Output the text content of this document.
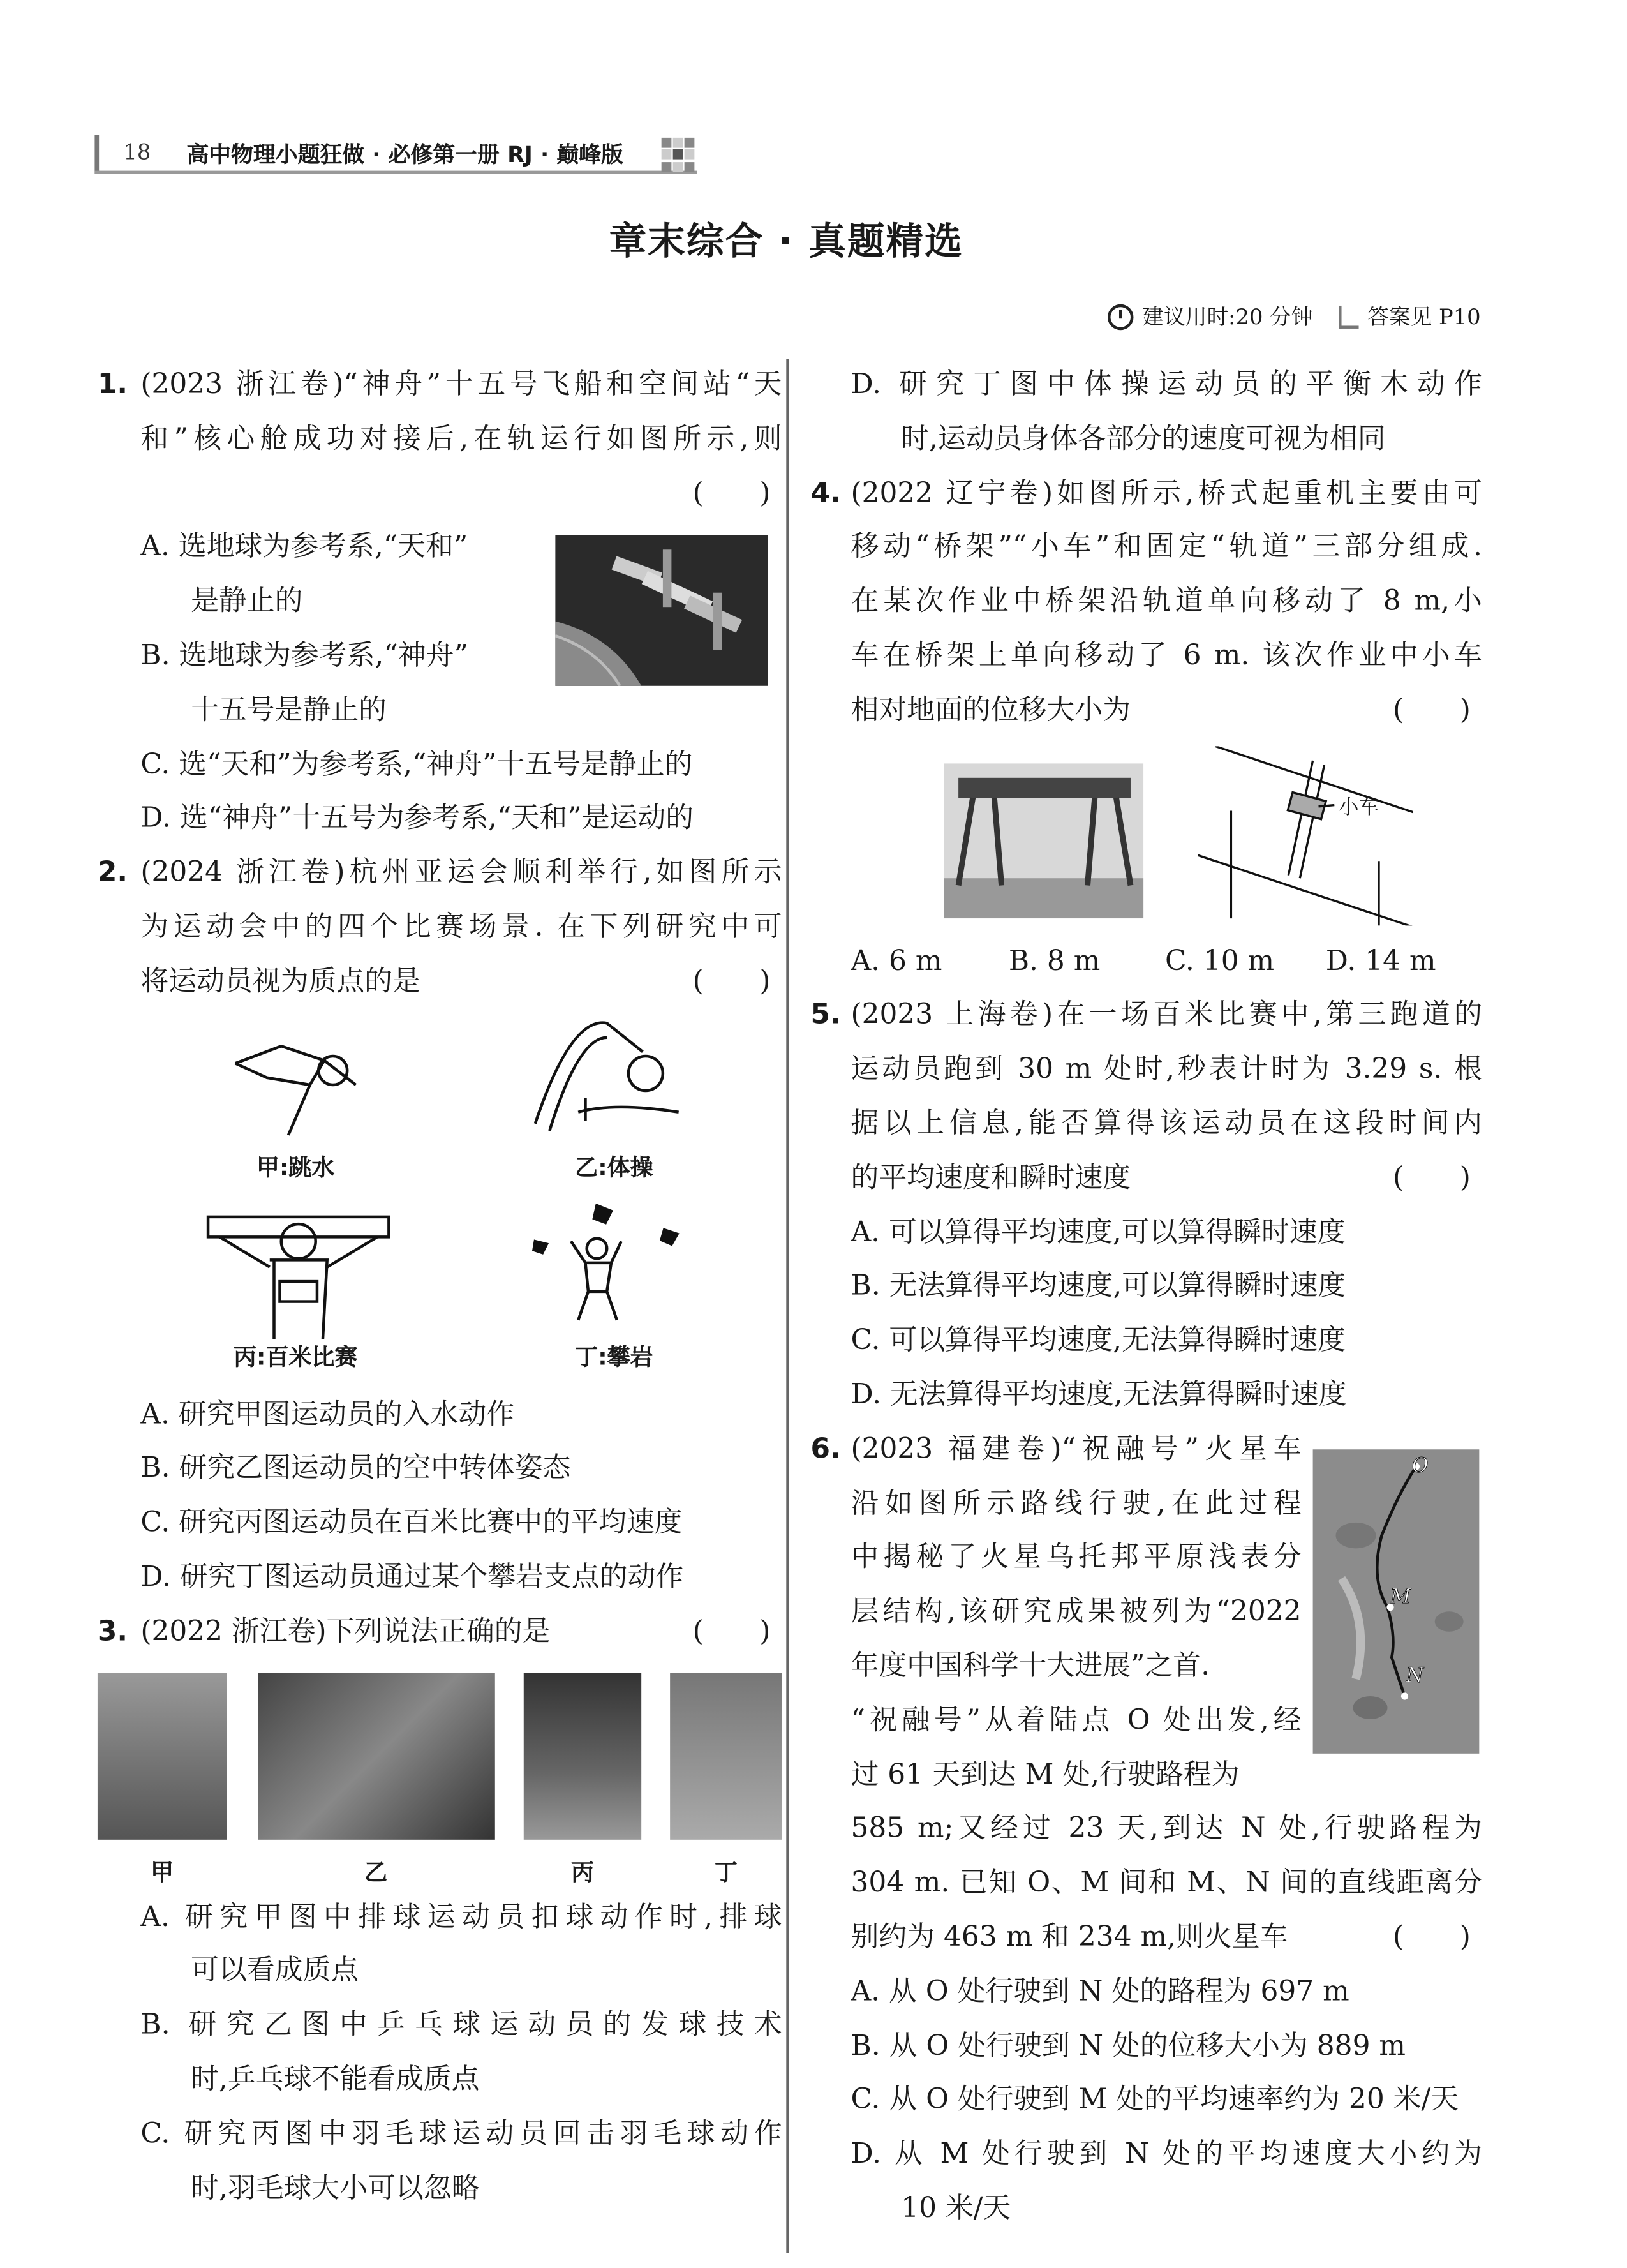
18	高中物理小题狂做 · 必修第一册 RJ · 巅峰版
章末综合 · 真题精选
建议用时:20 分钟	答案见 P10
1. (2023 浙江卷)“神舟”十五号飞船和空间站“天
和”核心舱成功对接后,在轨运行如图所示,则
(　　)
A. 选地球为参考系,“天和”
是静止的
B. 选地球为参考系,“神舟”
十五号是静止的
C. 选“天和”为参考系,“神舟”十五号是静止的
D. 选“神舟”十五号为参考系,“天和”是运动的
2. (2024 浙江卷)杭州亚运会顺利举行,如图所示
为运动会中的四个比赛场景. 在下列研究中可
将运动员视为质点的是	(　　)
甲:跳水	乙:体操
丙:百米比赛	丁:攀岩
A. 研究甲图运动员的入水动作
B. 研究乙图运动员的空中转体姿态
C. 研究丙图运动员在百米比赛中的平均速度
D. 研究丁图运动员通过某个攀岩支点的动作
3. (2022 浙江卷)下列说法正确的是	(　　)
甲	乙	丙	丁
A. 研究甲图中排球运动员扣球动作时,排球
可以看成质点
B. 研究乙图中乒乓球运动员的发球技术
时,乒乓球不能看成质点
C. 研究丙图中羽毛球运动员回击羽毛球动作
时,羽毛球大小可以忽略
D. 研究丁图中体操运动员的平衡木动作
时,运动员身体各部分的速度可视为相同
4. (2022 辽宁卷)如图所示,桥式起重机主要由可
移动“桥架”“小车”和固定“轨道”三部分组成.
在某次作业中桥架沿轨道单向移动了 8 m,小
车在桥架上单向移动了 6 m. 该次作业中小车
相对地面的位移大小为	(　　)
小车
A. 6 m	B. 8 m	C. 10 m	D. 14 m
5. (2023 上海卷)在一场百米比赛中,第三跑道的
运动员跑到 30 m 处时,秒表计时为 3.29 s. 根
据以上信息,能否算得该运动员在这段时间内
的平均速度和瞬时速度	(　　)
A. 可以算得平均速度,可以算得瞬时速度
B. 无法算得平均速度,可以算得瞬时速度
C. 可以算得平均速度,无法算得瞬时速度
D. 无法算得平均速度,无法算得瞬时速度
6. (2023 福建卷)“祝融号”火星车
沿如图所示路线行驶,在此过程
中揭秘了火星乌托邦平原浅表分
层结构,该研究成果被列为“2022
年度中国科学十大进展”之首.
“祝融号”从着陆点 O 处出发,经
过 61 天到达 M 处,行驶路程为
585 m;又经过 23 天,到达 N 处,行驶路程为
304 m. 已知 O、M 间和 M、N 间的直线距离分
别约为 463 m 和 234 m,则火星车	(　　)
A. 从 O 处行驶到 N 处的路程为 697 m
B. 从 O 处行驶到 N 处的位移大小为 889 m
C. 从 O 处行驶到 M 处的平均速率约为 20 米/天
D. 从 M 处行驶到 N 处的平均速度大小约为
10 米/天
O
M
N
